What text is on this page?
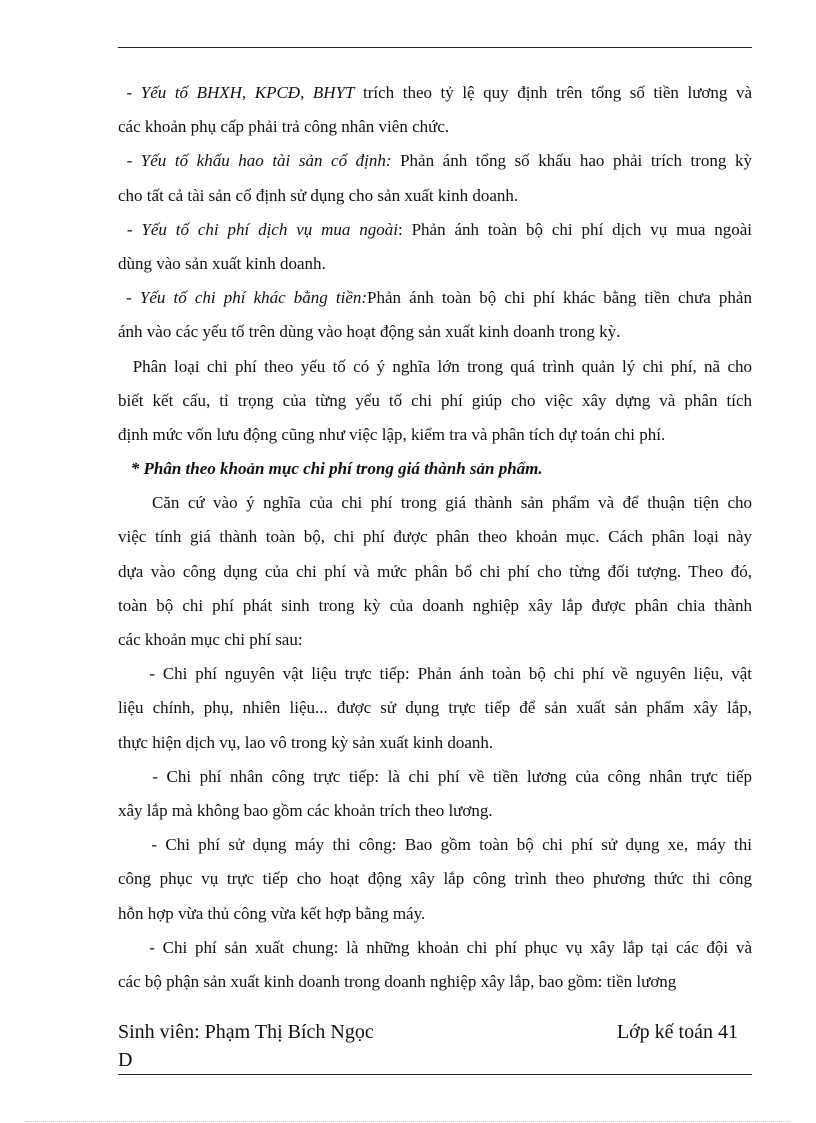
- Yếu tố BHXH, KPCĐ, BHYT trích theo tỷ lệ quy định trên tổng số tiền lương và
các khoản phụ cấp phải trả công nhân viên chức.
- Yếu tố khấu hao tài sản cố định: Phản ánh tổng số khấu hao phải trích trong kỳ
cho tất cả tài sản cố định sử dụng cho sản xuất kinh doanh.
- Yếu tố chi phí dịch vụ mua ngoài: Phản ánh toàn bộ chi phí dịch vụ mua ngoài
dùng vào sản xuất kinh doanh.
- Yếu tố chi phí khác bằng tiền:Phản ánh toàn bộ chi phí khác bằng tiền chưa phản
ánh vào các yếu tố trên dùng vào hoạt động sản xuất kinh doanh trong kỳ.
Phân loại chi phí theo yếu tố có ý nghĩa lớn trong quá trình quản lý chi phí, nã cho
biết kết cấu, tỉ trọng của từng yếu tố chi phí giúp cho việc xây dựng và phân tích
định mức vốn lưu động cũng như việc lập, kiểm tra và phân tích dự toán chi phí.
* Phân theo khoản mục chi phí trong giá thành sản phẩm.
Căn cứ vào ý nghĩa của chi phí trong giá thành sản phẩm và để thuận tiện cho
việc tính giá thành toàn bộ, chi phí được phân theo khoản mục. Cách phân loại này
dựa vào công dụng của chi phí và mức phân bổ chi phí cho từng đối tượng. Theo đó,
toàn bộ chi phí phát sinh trong kỳ của doanh nghiệp xây lắp được phân chia thành
các khoản mục chi phí sau:
- Chi phí nguyên vật liệu trực tiếp: Phản ánh toàn bộ chi phí về nguyên liệu, vật
liệu chính, phụ, nhiên liệu... được sử dụng trực tiếp để sản xuất sản phẩm xây lắp,
thực hiện dịch vụ, lao vô trong kỳ sản xuất kinh doanh.
- Chi phí nhân công trực tiếp: là chi phí về tiền lương của công nhân trực tiếp
xây lắp mà không bao gồm các khoản trích theo lương.
- Chi phí sử dụng máy thi công: Bao gồm toàn bộ chi phí sử dụng xe, máy thi
công phục vụ trực tiếp cho hoạt động xây lắp công trình theo phương thức thi công
hỗn hợp vừa thủ công vừa kết hợp bằng máy.
- Chi phí sản xuất chung: là những khoản chi phí phục vụ xây lắp tại các đội và
các bộ phận sản xuất kinh doanh trong doanh nghiệp xây lắp, bao gồm: tiền lương
Sinh viên: Phạm Thị Bích Ngọc	Lớp kế toán 41
D
